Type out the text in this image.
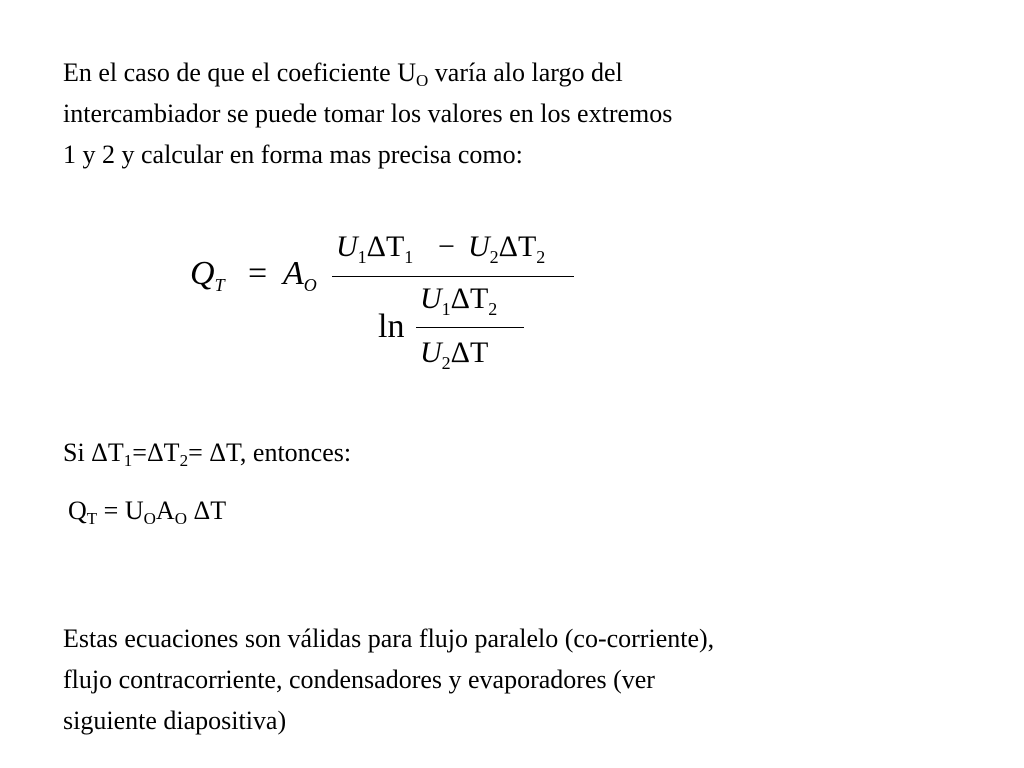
En el caso de que el coeficiente $U_O$ varía alo largo del

intercambiador se puede tomar los valores en los extremos

1 y 2 y calcular en forma mas precisa como:

$Q_T = A_O$
$U_1\Delta T_1 - U_2\Delta T_2$
ln
$U_1\Delta T_2$
$U_2\Delta T$
Si $\Delta T_1=\Delta T_2= \Delta T$, entonces:
$Q_T = U_OA_O$ ΔT

Estas ecuaciones son válidas para flujo paralelo (co-corriente),

flujo contracorriente, condensadores y evaporadores (ver

siguiente diapositiva)
